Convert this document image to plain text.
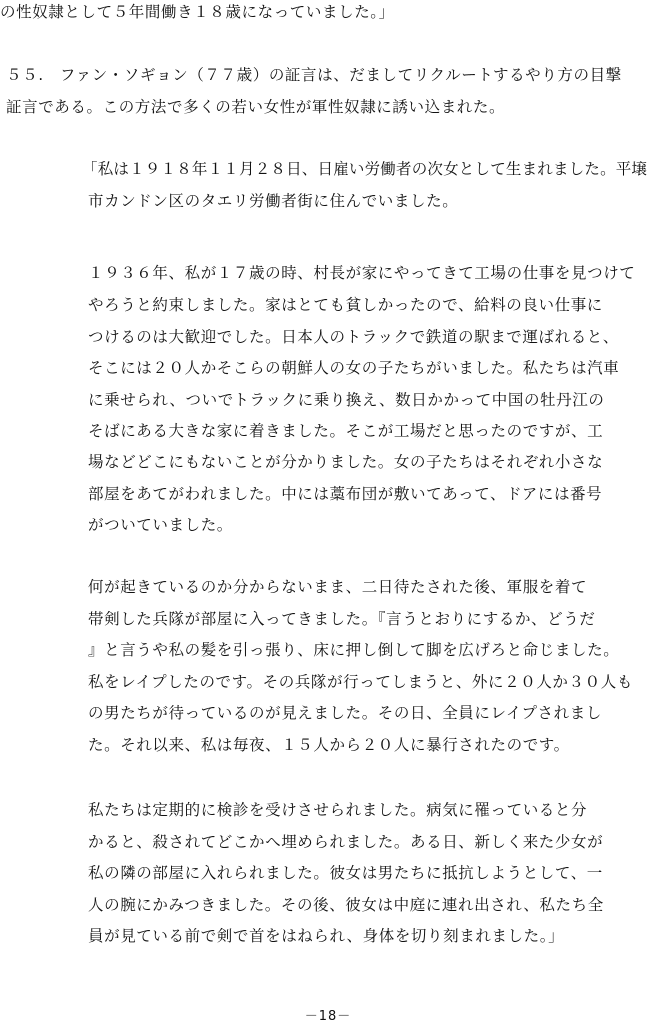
の性奴隷として５年間働き１８歳になっていました。」
５５.　ファン・ソギョン（７７歳）の証言は、だましてリクルートするやり方の目撃
証言である。この方法で多くの若い女性が軍性奴隷に誘い込まれた。
「私は１９１８年１１月２８日、日雇い労働者の次女として生まれました。平壌
市カンドン区のタエリ労働者街に住んでいました。
１９３６年、私が１７歳の時、村長が家にやってきて工場の仕事を見つけて
やろうと約束しました。家はとても貧しかったので、給料の良い仕事に
つけるのは大歓迎でした。日本人のトラックで鉄道の駅まで運ばれると、
そこには２０人かそこらの朝鮮人の女の子たちがいました。私たちは汽車
に乗せられ、ついでトラックに乗り換え、数日かかって中国の牡丹江の
そばにある大きな家に着きました。そこが工場だと思ったのですが、工
場などどこにもないことが分かりました。女の子たちはそれぞれ小さな
部屋をあてがわれました。中には藁布団が敷いてあって、ドアには番号
がついていました。
何が起きているのか分からないまま、二日待たされた後、軍服を着て
帯剣した兵隊が部屋に入ってきました。『言うとおりにするか、どうだ
』と言うや私の髪を引っ張り、床に押し倒して脚を広げろと命じました。
私をレイプしたのです。その兵隊が行ってしまうと、外に２０人か３０人も
の男たちが待っているのが見えました。その日、全員にレイプされまし
た。それ以来、私は毎夜、１５人から２０人に暴行されたのです。
私たちは定期的に検診を受けさせられました。病気に罹っていると分
かると、殺されてどこかへ埋められました。ある日、新しく来た少女が
私の隣の部屋に入れられました。彼女は男たちに抵抗しようとして、一
人の腕にかみつきました。その後、彼女は中庭に連れ出され、私たち全
員が見ている前で剣で首をはねられ、身体を切り刻まれました。」
－18－
